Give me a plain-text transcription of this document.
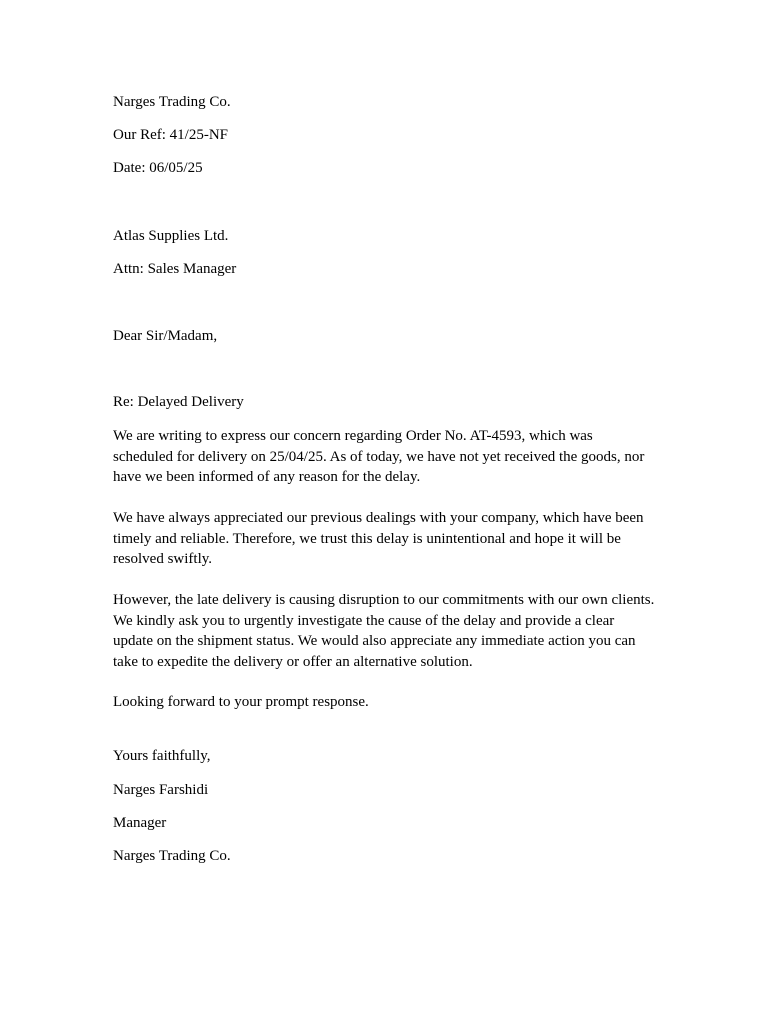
Narges Trading Co.

Our Ref: 41/25-NF

Date: 06/05/25

Atlas Supplies Ltd.

Attn: Sales Manager

Dear Sir/Madam,

Re: Delayed Delivery

We are writing to express our concern regarding Order No. AT-4593, which was scheduled for delivery on 25/04/25. As of today, we have not yet received the goods, nor have we been informed of any reason for the delay.

We have always appreciated our previous dealings with your company, which have been timely and reliable. Therefore, we trust this delay is unintentional and hope it will be resolved swiftly.

However, the late delivery is causing disruption to our commitments with our own clients. We kindly ask you to urgently investigate the cause of the delay and provide a clear update on the shipment status. We would also appreciate any immediate action you can take to expedite the delivery or offer an alternative solution.

Looking forward to your prompt response.

Yours faithfully,

Narges Farshidi

Manager

Narges Trading Co.
